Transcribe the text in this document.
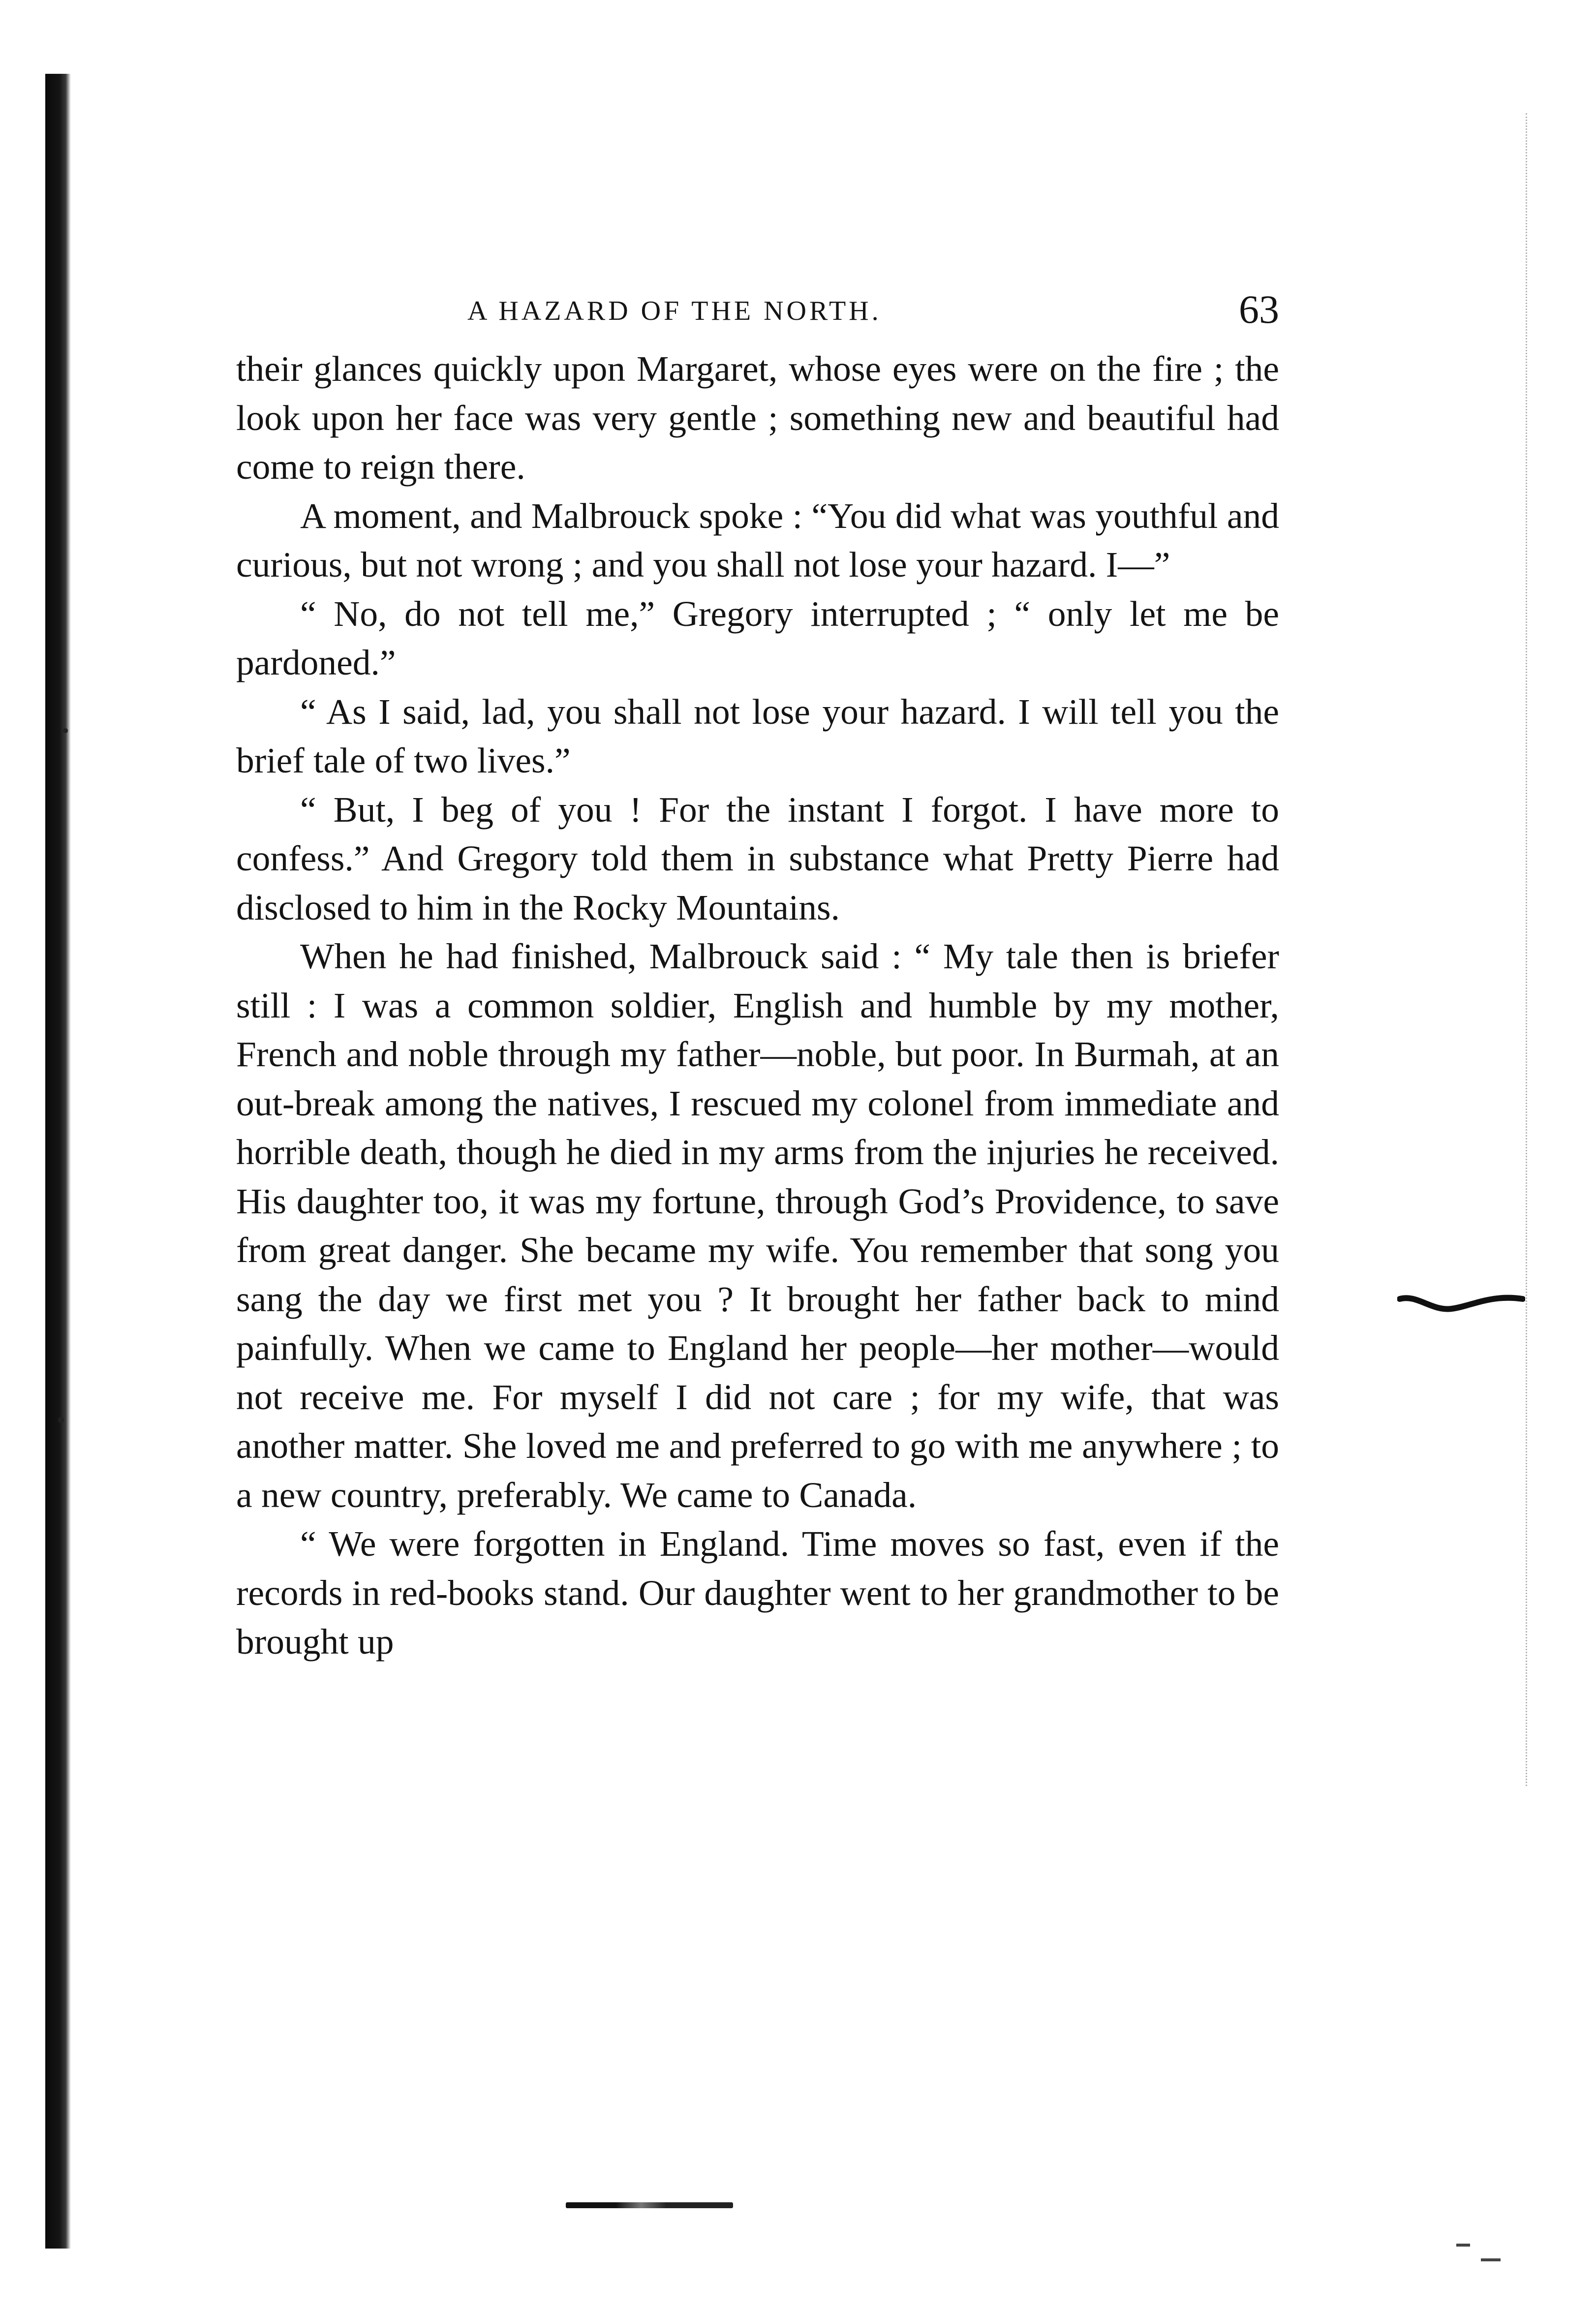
A HAZARD OF THE NORTH.	63

their glances quickly upon Margaret, whose eyes were on the fire ; the look upon her face was very gentle ; something new and beautiful had come to reign there.

A moment, and Malbrouck spoke : “You did what was youthful and curious, but not wrong ; and you shall not lose your hazard. I—”

“ No, do not tell me,” Gregory interrupted ; “ only let me be pardoned.”

“ As I said, lad, you shall not lose your hazard. I will tell you the brief tale of two lives.”

“ But, I beg of you ! For the instant I forgot. I have more to confess.” And Gregory told them in substance what Pretty Pierre had disclosed to him in the Rocky Mountains.

When he had finished, Malbrouck said : “ My tale then is briefer still : I was a common soldier, English and humble by my mother, French and noble through my father—noble, but poor. In Burmah, at an out-break among the natives, I rescued my colonel from immediate and horrible death, though he died in my arms from the injuries he received. His daughter too, it was my fortune, through God’s Providence, to save from great danger. She became my wife. You remember that song you sang the day we first met you ? It brought her father back to mind painfully. When we came to England her people—her mother—would not receive me. For myself I did not care ; for my wife, that was another matter. She loved me and preferred to go with me anywhere ; to a new country, preferably. We came to Canada.

“ We were forgotten in England. Time moves so fast, even if the records in red-books stand. Our daughter went to her grandmother to be brought up
